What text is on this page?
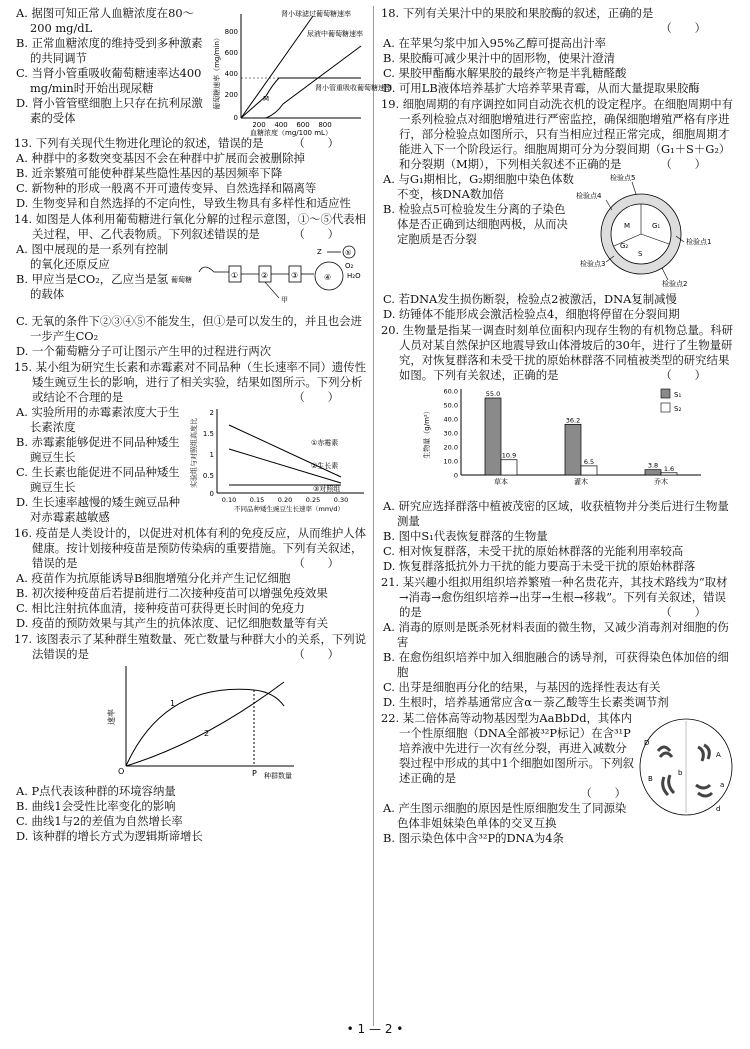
A. 据图可知正常人血糖浓度在80～200 mg/dL
B. 正常血糖浓度的维持受到多种激素的共同调节
C. 当肾小管重吸收葡萄糖速率达400 mg/min时开始出现尿糖
D. 肾小管管壁细胞上只存在抗利尿激素的受体
葡萄糖速率（mg/min）
800
600
400
200
0
200 400 600 800
血糖浓度（mg/100 mL）
M
肾小球滤过葡萄糖速率
尿液中葡萄糖速率
肾小管重吸收葡萄糖速率
13. 下列有关现代生物进化理论的叙述，错误的是	（　　）
A. 种群中的多数突变基因不会在种群中扩展而会被删除掉
B. 近亲繁殖可能使种群某些隐性基因的基因频率下降
C. 新物种的形成一般离不开可遗传变异、自然选择和隔离等
D. 生物变异和自然选择的不定向性，导致生物具有多样性和适应性
14. 如图是人体利用葡萄糖进行氧化分解的过程示意图，①～⑤代表相关过程，甲、乙代表物质。下列叙述错误的是	（　　）
A. 图中展现的是一系列有控制的氧化还原反应
B. 甲应当是CO₂，乙应当是氢的载体
葡萄糖	①	②	③	④
Z	⑤
O₂
H₂O
甲
C. 无氧的条件下②③④⑤不能发生，但①是可以发生的，并且也会进一步产生CO₂
D. 一个葡萄糖分子可让图示产生甲的过程进行两次
15. 某小组为研究生长素和赤霉素对不同品种（生长速率不同）遗传性矮生豌豆生长的影响，进行了相关实验，结果如图所示。下列分析或结论不合理的是	（　　）
A. 实验所用的赤霉素浓度大于生长素浓度
B. 赤霉素能够促进不同品种矮生豌豆生长
C. 生长素也能促进不同品种矮生豌豆生长
D. 生长速率越慢的矮生豌豆品种对赤霉素越敏感
实验组与对照组高度比
2
1.5
1
0.5
0
0.10 0.15 0.20 0.25 0.30
不同品种矮生豌豆生长速率（mm/d）
①赤霉素
②生长素
③对照组
16. 疫苗是人类设计的，以促进对机体有利的免疫反应，从而维护人体健康。按计划接种疫苗是预防传染病的重要措施。下列有关叙述，错误的是	（　　）
A. 疫苗作为抗原能诱导B细胞增殖分化并产生记忆细胞
B. 初次接种疫苗后若提前进行二次接种疫苗可以增强免疫效果
C. 相比注射抗体血清，接种疫苗可获得更长时间的免疫力
D. 疫苗的预防效果与其产生的抗体浓度、记忆细胞数量等有关
17. 该图表示了某种群生殖数量、死亡数量与种群大小的关系，下列说法错误的是	（　　）
速率
O	P 种群数量
1
2
A. P点代表该种群的环境容纳量
B. 曲线1会受性比率变化的影响
C. 曲线1与2的差值为自然增长率
D. 该种群的增长方式为逻辑斯谛增长
18. 下列有关果汁中的果胶和果胶酶的叙述，正确的是
（　　）
A. 在苹果匀浆中加入95%乙醇可提高出汁率
B. 果胶酶可减少果汁中的固形物，使果汁澄清
C. 果胶甲酯酶水解果胶的最终产物是半乳糖醛酸
D. 可用LB液体培养基扩大培养苹果青霉，从而大量提取果胶酶
19. 细胞周期的有序调控如同自动洗衣机的设定程序。在细胞周期中有一系列检验点对细胞增殖进行严密监控，确保细胞增殖严格有序进行，部分检验点如图所示，只有当相应过程正常完成，细胞周期才能进入下一个阶段运行。细胞周期可分为分裂间期（G₁＋S＋G₂）和分裂期（M期），下列相关叙述不正确的是	（　　）
A. 与G₁期相比，G₂期细胞中染色体数不变，核DNA数加倍
B. 检验点5可检验发生分离的子染色体是否正确到达细胞两极，从而决定胞质是否分裂
M	G₁
S
G₂
检验点5
检验点4
检验点3
检验点1
检验点2
C. 若DNA发生损伤断裂，检验点2被激活，DNA复制减慢
D. 纺锤体不能形成会激活检验点4，细胞将停留在分裂间期
20. 生物量是指某一调查时刻单位面积内现存生物的有机物总量。科研人员对某自然保护区地震导致山体滑坡后的30年，进行了生物量研究，对恢复群落和未受干扰的原始林群落不同植被类型的研究结果如图。下列有关叙述，正确的是	（　　）
生物量（g/m²）
60.0
50.0
40.0
30.0
20.0
10.0
0
55.0
10.9
草本
36.2
6.5
灌木
3.8 1.6
乔木
S₁
S₂
A. 研究应选择群落中植被茂密的区域，收获植物并分类后进行生物量测量
B. 图中S₁代表恢复群落的生物量
C. 相对恢复群落，未受干扰的原始林群落的光能利用率较高
D. 恢复群落抵抗外力干扰的能力要高于未受干扰的原始林群落
21. 某兴趣小组拟用组织培养繁殖一种名贵花卉，其技术路线为“取材→消毒→愈伤组织培养→出芽→生根→移栽”。下列有关叙述，错误的是	（　　）
A. 消毒的原则是既杀死材料表面的微生物，又减少消毒剂对细胞的伤害
B. 在愈伤组织培养中加入细胞融合的诱导剂，可获得染色体加倍的细胞
C. 出芽是细胞再分化的结果，与基因的选择性表达有关
D. 生根时，培养基通常应含α－萘乙酸等生长素类调节剂
22. 某二倍体高等动物基因型为AaBbDd，其体内一个性原细胞（DNA全部被³²P标记）在含³¹P培养液中先进行一次有丝分裂，再进入减数分裂过程中形成的其中1个细胞如图所示。下列叙述正确的是
（　　）
A. 产生图示细胞的原因是性原细胞发生了同源染色体非姐妹染色单体的交叉互换
B. 图示染色体中含³²P的DNA为4条
D
A
B
b
a
d
• 1 — 2 •
